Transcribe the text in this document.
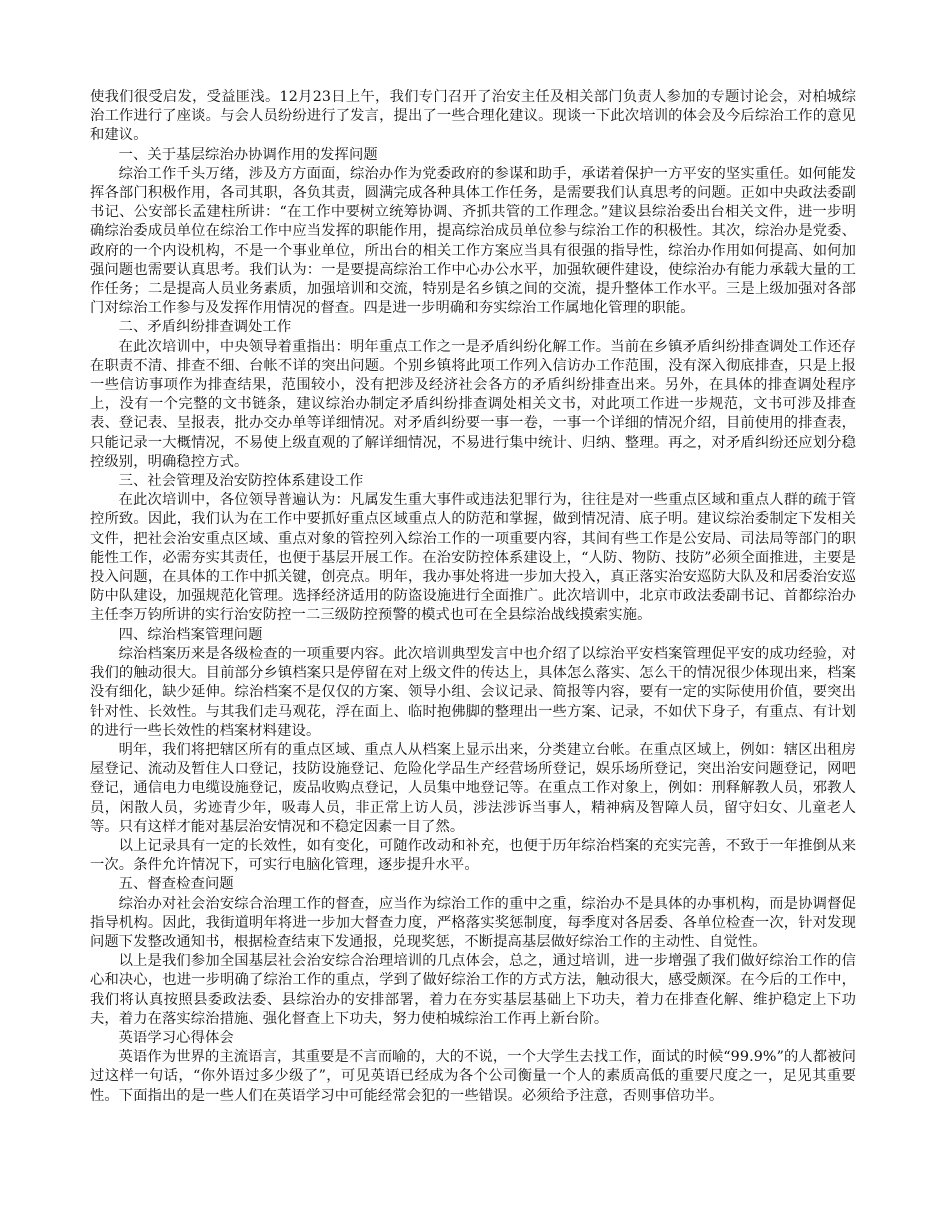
使我们很受启发，受益匪浅。12月23日上午，我们专门召开了治安主任及相关部门负责人参加的专题讨论会，对柏城综治工作进行了座谈。与会人员纷纷进行了发言，提出了一些合理化建议。现谈一下此次培训的体会及今后综治工作的意见和建议。

一、关于基层综治办协调作用的发挥问题

综治工作千头万绪，涉及方方面面，综治办作为党委政府的参谋和助手，承诺着保护一方平安的坚实重任。如何能发挥各部门积极作用，各司其职，各负其责，圆满完成各种具体工作任务，是需要我们认真思考的问题。正如中央政法委副书记、公安部长孟建柱所讲：“在工作中要树立统筹协调、齐抓共管的工作理念。”建议县综治委出台相关文件，进一步明确综治委成员单位在综治工作中应当发挥的职能作用，提高综治成员单位参与综治工作的积极性。其次，综治办是党委、政府的一个内设机构，不是一个事业单位，所出台的相关工作方案应当具有很强的指导性，综治办作用如何提高、如何加强问题也需要认真思考。我们认为：一是要提高综治工作中心办公水平，加强软硬件建设，使综治办有能力承载大量的工作任务；二是提高人员业务素质，加强培训和交流，特别是名乡镇之间的交流，提升整体工作水平。三是上级加强对各部门对综治工作参与及发挥作用情况的督查。四是进一步明确和夯实综治工作属地化管理的职能。

二、矛盾纠纷排查调处工作

在此次培训中，中央领导着重指出：明年重点工作之一是矛盾纠纷化解工作。当前在乡镇矛盾纠纷排查调处工作还存在职责不清、排查不细、台帐不详的突出问题。个别乡镇将此项工作列入信访办工作范围，没有深入彻底排查，只是上报一些信访事项作为排查结果，范围较小，没有把涉及经济社会各方的矛盾纠纷排查出来。另外，在具体的排查调处程序上，没有一个完整的文书链条，建议综治办制定矛盾纠纷排查调处相关文书，对此项工作进一步规范，文书可涉及排查表、登记表、呈报表，批办交办单等详细情况。对矛盾纠纷要一事一卷，一事一个详细的情况介绍，目前使用的排查表，只能记录一大概情况，不易使上级直观的了解详细情况，不易进行集中统计、归纳、整理。再之，对矛盾纠纷还应划分稳控级别，明确稳控方式。

三、社会管理及治安防控体系建设工作

在此次培训中，各位领导普遍认为：凡属发生重大事件或违法犯罪行为，往往是对一些重点区域和重点人群的疏于管控所致。因此，我们认为在工作中要抓好重点区域重点人的防范和掌握，做到情况清、底子明。建议综治委制定下发相关文件，把社会治安重点区域、重点对象的管控列入综治工作的一项重要内容，其间有些工作是公安局、司法局等部门的职能性工作，必需夯实其责任，也便于基层开展工作。在治安防控体系建设上，“人防、物防、技防”必须全面推进，主要是投入问题，在具体的工作中抓关键，创亮点。明年，我办事处将进一步加大投入，真正落实治安巡防大队及和居委治安巡防中队建设，加强规范化管理。选择经济适用的防盗设施进行全面推广。此次培训中，北京市政法委副书记、首都综治办主任李万钧所讲的实行治安防控一二三级防控预警的模式也可在全县综治战线摸索实施。

四、综治档案管理问题

综治档案历来是各级检查的一项重要内容。此次培训典型发言中也介绍了以综治平安档案管理促平安的成功经验，对我们的触动很大。目前部分乡镇档案只是停留在对上级文件的传达上，具体怎么落实、怎么干的情况很少体现出来，档案没有细化，缺少延伸。综治档案不是仅仅的方案、领导小组、会议记录、简报等内容，要有一定的实际使用价值，要突出针对性、长效性。与其我们走马观花，浮在面上、临时抱佛脚的整理出一些方案、记录，不如伏下身子，有重点、有计划的进行一些长效性的档案材料建设。

明年，我们将把辖区所有的重点区域、重点人从档案上显示出来，分类建立台帐。在重点区域上，例如：辖区出租房屋登记、流动及暂住人口登记，技防设施登记、危险化学品生产经营场所登记，娱乐场所登记，突出治安问题登记，网吧登记，通信电力电缆设施登记，废品收购点登记，人员集中地登记等。在重点工作对象上，例如：刑释解教人员，邪教人员，闲散人员，劣迹青少年，吸毒人员，非正常上访人员，涉法涉诉当事人，精神病及智障人员，留守妇女、儿童老人等。只有这样才能对基层治安情况和不稳定因素一目了然。

以上记录具有一定的长效性，如有变化，可随作改动和补充，也便于历年综治档案的充实完善，不致于一年推倒从来一次。条件允许情况下，可实行电脑化管理，逐步提升水平。

五、督查检查问题

综治办对社会治安综合治理工作的督查，应当作为综治工作的重中之重，综治办不是具体的办事机构，而是协调督促指导机构。因此，我街道明年将进一步加大督查力度，严格落实奖惩制度，每季度对各居委、各单位检查一次，针对发现问题下发整改通知书，根据检查结束下发通报，兑现奖惩，不断提高基层做好综治工作的主动性、自觉性。

以上是我们参加全国基层社会治安综合治理培训的几点体会，总之，通过培训，进一步增强了我们做好综治工作的信心和决心，也进一步明确了综治工作的重点，学到了做好综治工作的方式方法，触动很大，感受颇深。在今后的工作中，我们将认真按照县委政法委、县综治办的安排部署，着力在夯实基层基础上下功夫，着力在排查化解、维护稳定上下功夫，着力在落实综治措施、强化督查上下功夫，努力使柏城综治工作再上新台阶。

英语学习心得体会

英语作为世界的主流语言，其重要是不言而喻的，大的不说，一个大学生去找工作，面试的时候“99.9%”的人都被问过这样一句话，“你外语过多少级了”，可见英语已经成为各个公司衡量一个人的素质高低的重要尺度之一，足见其重要性。下面指出的是一些人们在英语学习中可能经常会犯的一些错误。必须给予注意，否则事倍功半。
